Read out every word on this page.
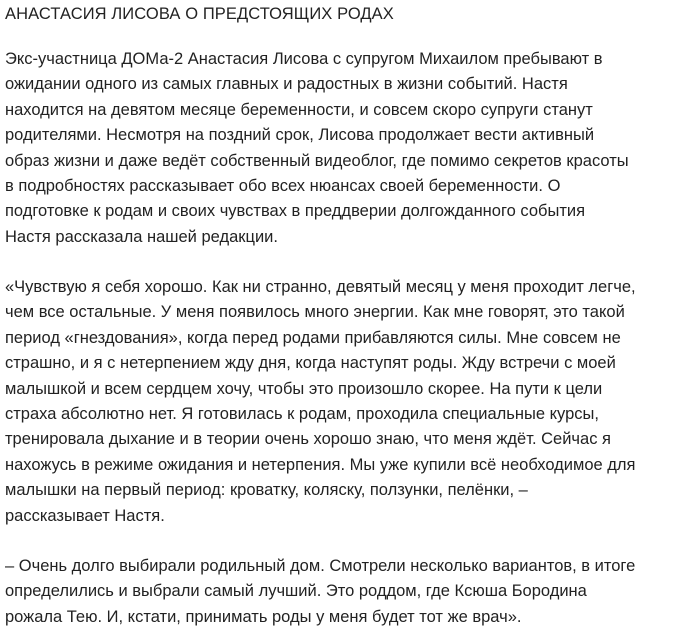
АНАСТАСИЯ ЛИСОВА О ПРЕДСТОЯЩИХ РОДАХ

Экс-участница ДОМа-2 Анастасия Лисова с супругом Михаилом пребывают в
ожидании одного из самых главных и радостных в жизни событий. Настя
находится на девятом месяце беременности, и совсем скоро супруги станут
родителями. Несмотря на поздний срок, Лисова продолжает вести активный
образ жизни и даже ведёт собственный видеоблог, где помимо секретов красоты
в подробностях рассказывает обо всех нюансах своей беременности. О
подготовке к родам и своих чувствах в преддверии долгожданного события
Настя рассказала нашей редакции.

«Чувствую я себя хорошо. Как ни странно, девятый месяц у меня проходит легче,
чем все остальные. У меня появилось много энергии. Как мне говорят, это такой
период «гнездования», когда перед родами прибавляются силы. Мне совсем не
страшно, и я с нетерпением жду дня, когда наступят роды. Жду встречи с моей
малышкой и всем сердцем хочу, чтобы это произошло скорее. На пути к цели
страха абсолютно нет. Я готовилась к родам, проходила специальные курсы,
тренировала дыхание и в теории очень хорошо знаю, что меня ждёт. Сейчас я
нахожусь в режиме ожидания и нетерпения. Мы уже купили всё необходимое для
малышки на первый период: кроватку, коляску, ползунки, пелёнки, –
рассказывает Настя.

– Очень долго выбирали родильный дом. Смотрели несколько вариантов, в итоге
определились и выбрали самый лучший. Это роддом, где Ксюша Бородина
рожала Тею. И, кстати, принимать роды у меня будет тот же врач».
